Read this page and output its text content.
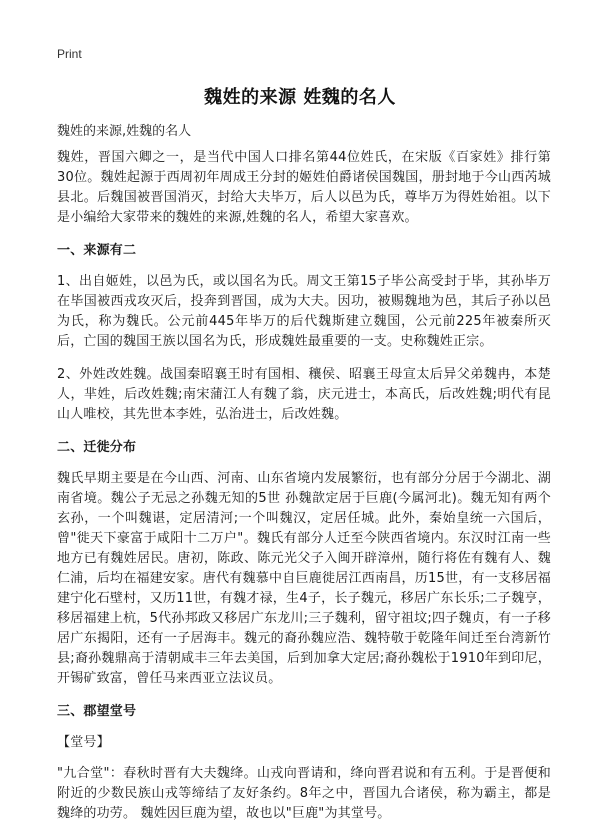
Print
魏姓的来源 姓魏的名人
魏姓的来源,姓魏的名人

魏姓，晋国六卿之一，是当代中国人口排名第44位姓氏，在宋版《百家姓》排行第30位。魏姓起源于西周初年周成王分封的姬姓伯爵诸侯国魏国，册封地于今山西芮城县北。后魏国被晋国消灭，封给大夫毕万，后人以邑为氏，尊毕万为得姓始祖。以下是小编给大家带来的魏姓的来源,姓魏的名人，希望大家喜欢。

一、来源有二

1、出自姬姓，以邑为氏，或以国名为氏。周文王第15子毕公高受封于毕，其孙毕万在毕国被西戎攻灭后，投奔到晋国，成为大夫。因功，被赐魏地为邑，其后子孙以邑为氏，称为魏氏。公元前445年毕万的后代魏斯建立魏国，公元前225年被秦所灭后，亡国的魏国王族以国名为氏，形成魏姓最重要的一支。史称魏姓正宗。

2、外姓改姓魏。战国秦昭襄王时有国相、穰侯、昭襄王母宣太后异父弟魏冉，本楚人，芈姓，后改姓魏;南宋蒲江人有魏了翁，庆元进士，本高氏，后改姓魏;明代有昆山人唯校，其先世本李姓，弘治进士，后改姓魏。

二、迁徙分布

魏氏早期主要是在今山西、河南、山东省境内发展繁衍，也有部分分居于今湖北、湖南省境。魏公子无忌之孙魏无知的5世 孙魏歆定居于巨鹿(今属河北)。魏无知有两个玄孙，一个叫魏谌，定居清河;一个叫魏汉，定居任城。此外，秦始皇统一六国后，曾"徙天下豪富于咸阳十二万户"。魏氏有部分人迁至今陕西省境内。东汉时江南一些地方已有魏姓居民。唐初，陈政、陈元光父子入闽开辟漳州，随行将佐有魏有人、魏仁浦，后均在福建安家。唐代有魏慕中自巨鹿徙居江西南昌，历15世，有一支移居福建宁化石壁村，又历11世，有魏才禄，生4子，长子魏元，移居广东长乐;二子魏亨，移居福建上杭，5代孙邦政又移居广东龙川;三子魏利，留守祖坟;四子魏贞，有一子移居广东揭阳，还有一子居海丰。魏元的裔孙魏应浩、魏特敬于乾隆年间迁至台湾新竹县;裔孙魏鼎高于清朝咸丰三年去美国，后到加拿大定居;裔孙魏松于1910年到印尼，开锡矿致富，曾任马来西亚立法议员。

三、郡望堂号
【堂号】

"九合堂"：春秋时晋有大夫魏绛。山戎向晋请和，绛向晋君说和有五利。于是晋便和附近的少数民族山戎等缔结了友好条约。8年之中，晋国九合诸侯，称为霸主，都是魏绛的功劳。 魏姓因巨鹿为望，故也以"巨鹿"为其堂号。
